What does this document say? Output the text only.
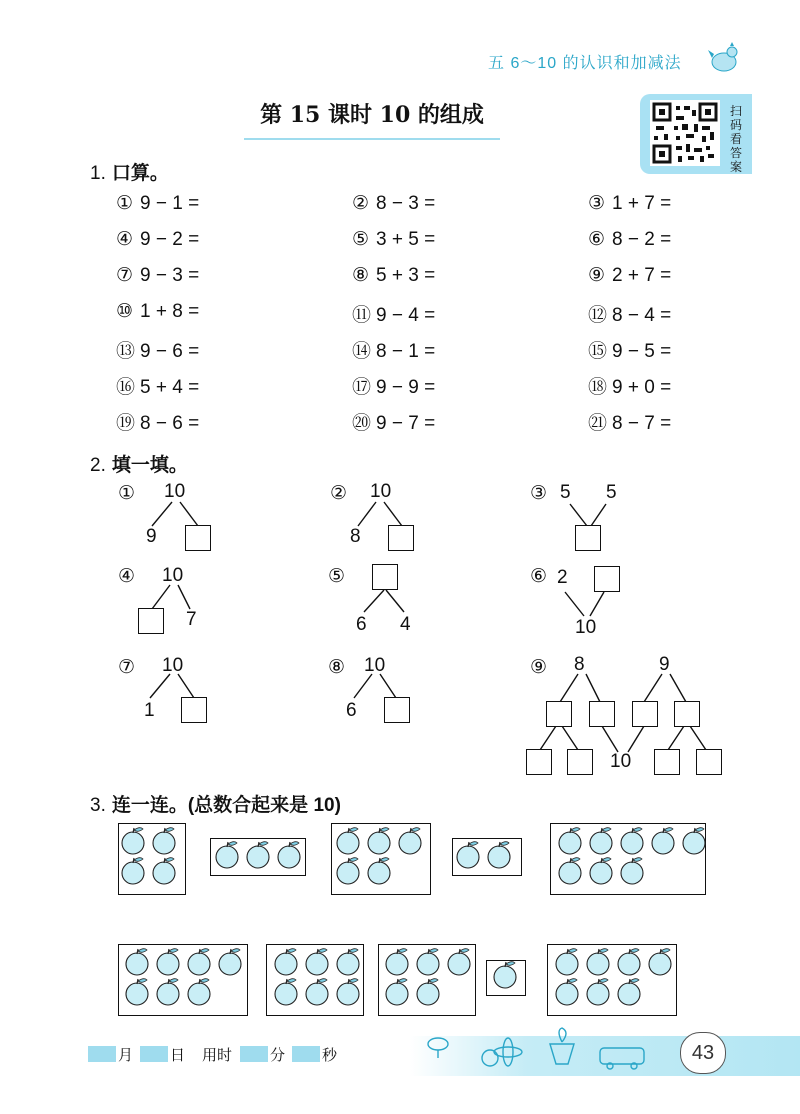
五 6～10 的认识和加减法
第 15 课时 10 的组成	扫码看答案
1. 口算。
① 9 − 1 =	② 8 − 3 =	③ 1 + 7 =
④ 9 − 2 =	⑤ 3 + 5 =	⑥ 8 − 2 =
⑦ 9 − 3 =	⑧ 5 + 3 =	⑨ 2 + 7 =
⑩ 1 + 8 =	⑪ 9 − 4 =	⑫ 8 − 4 =
⑬ 9 − 6 =	⑭ 8 − 1 =	⑮ 9 − 5 =
⑯ 5 + 4 =	⑰ 9 − 9 =	⑱ 9 + 0 =
⑲ 8 − 6 =	⑳ 9 − 7 =	㉑ 8 − 7 =
2. 填一填。
①	②	③
④	⑤	⑥
⑦	⑧	⑨
10
9
10
8
5 5
10
7	6 4
2
10
10
1
10
6
8	9
10
3. 连一连。(总数合起来是 10)
月 日 用时	分 秒	43
